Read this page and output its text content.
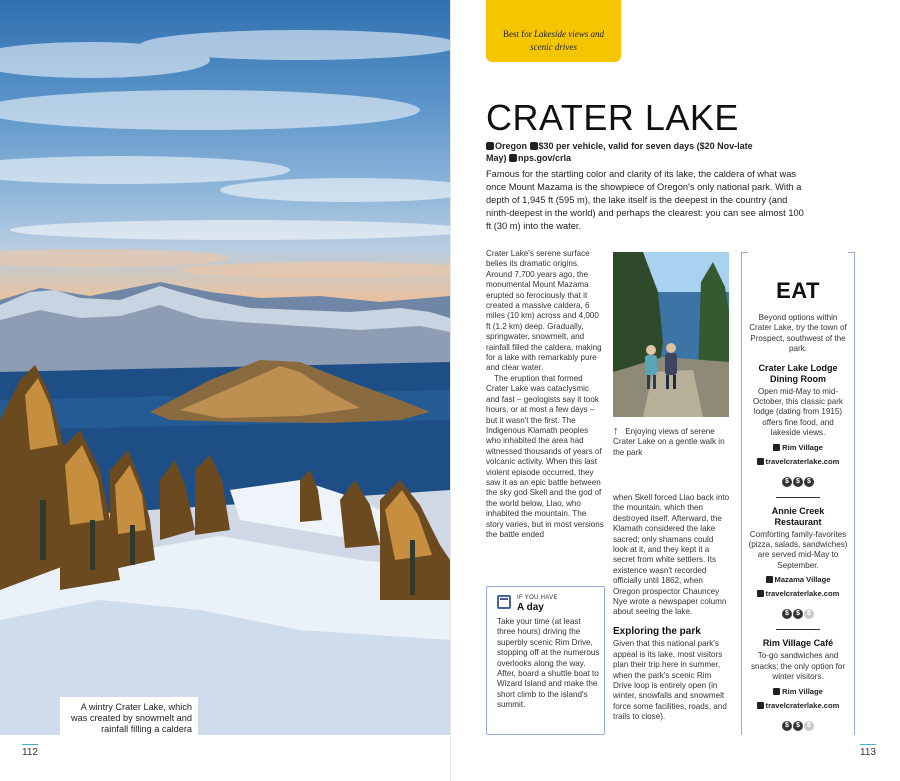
A wintry Crater Lake, which was created by snowmelt and rainfall filling a caldera
112
Best for Lakeside views and scenic drives
CRATER LAKE
Oregon $30 per vehicle, valid for seven days ($20 Nov-late May) nps.gov/crla

Famous for the startling color and clarity of its lake, the caldera of what was once Mount Mazama is the showpiece of Oregon's only national park. With a depth of 1,945 ft (595 m), the lake itself is the deepest in the country (and ninth-deepest in the world) and perhaps the clearest: you can see almost 100 ft (30 m) into the water.

Crater Lake's serene surface belies its dramatic origins. Around 7,700 years ago, the monumental Mount Mazama erupted so ferociously that it created a massive caldera, 6 miles (10 km) across and 4,000 ft (1.2 km) deep. Gradually, springwater, snowmelt, and rainfall filled the caldera, making for a lake with remarkably pure and clear water.

The eruption that formed Crater Lake was cataclysmic and fast – geologists say it took hours, or at most a few days – but it wasn't the first. The Indigenous Klamath peoples who inhabited the area had witnessed thousands of years of volcanic activity. When this last violent episode occurred, they saw it as an epic battle between the sky god Skell and the god of the world below, Llao, who inhabited the mountain. The story varies, but in most versions the battle ended

↑ Enjoying views of serene Crater Lake on a gentle walk in the park

when Skell forced Llao back into the mountain, which then destroyed itself. Afterward, the Klamath considered the lake sacred; only shamans could look at it, and they kept it a secret from white settlers. Its existence wasn't recorded officially until 1862, when Oregon prospector Chauncey Nye wrote a newspaper column about seeing the lake.

Exploring the park

Given that this national park's appeal is its lake, most visitors plan their trip here in summer, when the park's scenic Rim Drive loop is entirely open (in winter, snowfalls and snowmelt force some facilities, roads, and trails to close).

IF YOU HAVE
A day

Take your time (at least three hours) driving the superbly scenic Rim Drive, stopping off at the numerous overlooks along the way. After, board a shuttle boat to Wizard Island and make the short climb to the island's summit.

EAT

Beyond options within Crater Lake, try the town of Prospect, southwest of the park.

Crater Lake Lodge Dining Room
Open mid-May to mid-October, this classic park lodge (dating from 1915) offers fine food, and lakeside views.
Rim Village
travelcraterlake.com
$ $ $
Annie Creek Restaurant
Comforting family-favorites (pizza, salads, sandwiches) are served mid-May to September.
Mazama Village
travelcraterlake.com
$ $ $
Rim Village Café
To-go sandwiches and snacks; the only option for winter visitors.
Rim Village
travelcraterlake.com
$ $ $
113
